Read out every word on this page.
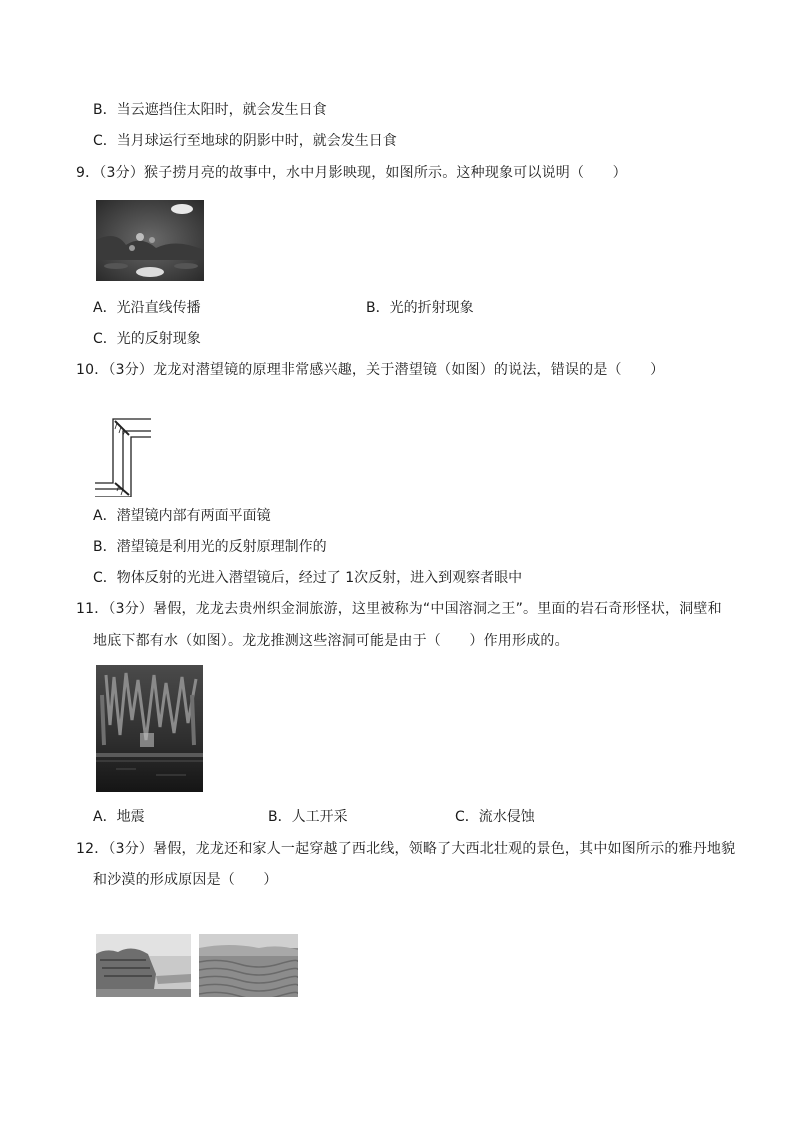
B．当云遮挡住太阳时，就会发生日食
C．当月球运行至地球的阴影中时，就会发生日食
9．（3分）猴子捞月亮的故事中，水中月影映现，如图所示。这种现象可以说明（　　）
A．光沿直线传播	B．光的折射现象
C．光的反射现象
10．（3分）龙龙对潜望镜的原理非常感兴趣，关于潜望镜（如图）的说法，错误的是（　　）
A．潜望镜内部有两面平面镜
B．潜望镜是利用光的反射原理制作的
C．物体反射的光进入潜望镜后，经过了 1次反射，进入到观察者眼中
11．（3分）暑假，龙龙去贵州织金洞旅游，这里被称为“中国溶洞之王”。里面的岩石奇形怪状，洞壁和
地底下都有水（如图）。龙龙推测这些溶洞可能是由于（　　）作用形成的。
A．地震	B．人工开采	C．流水侵蚀
12．（3分）暑假，龙龙还和家人一起穿越了西北线，领略了大西北壮观的景色，其中如图所示的雅丹地貌
和沙漠的形成原因是（　　）
